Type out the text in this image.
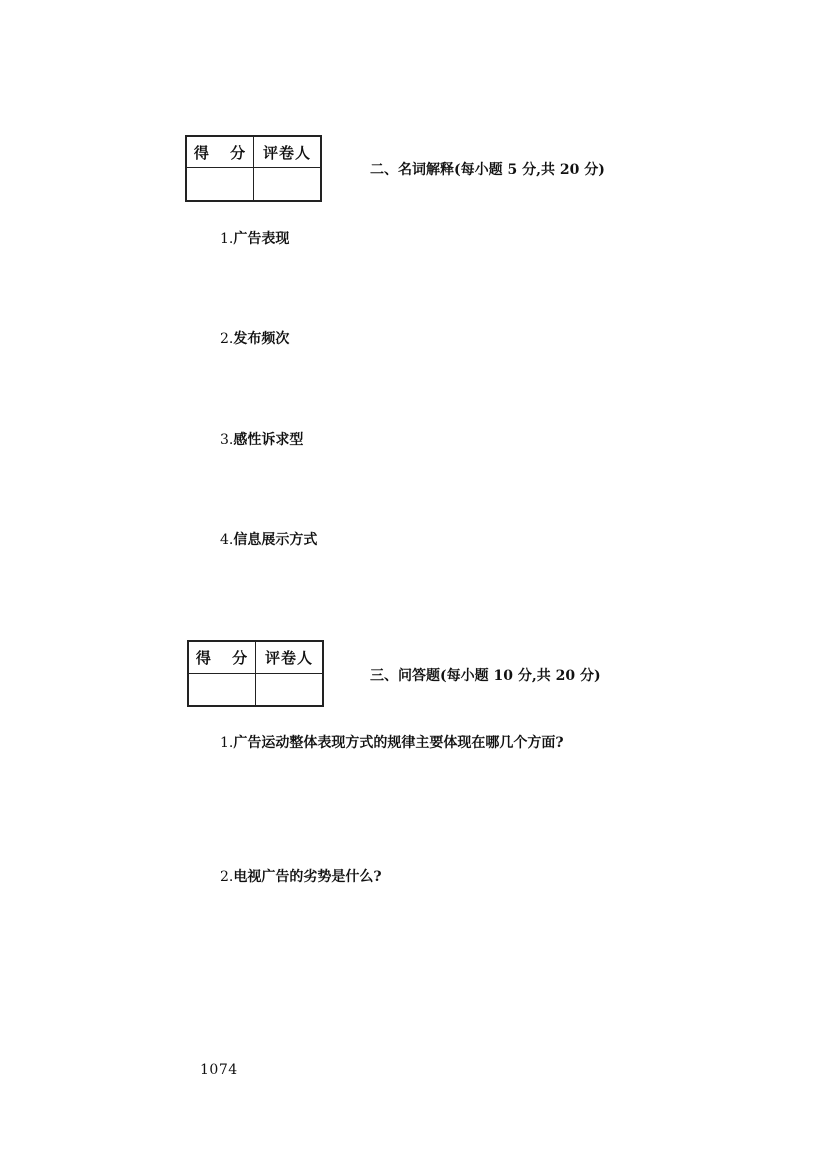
得 分	评卷人

二、名词解释(每小题 5 分,共 20 分)
1.广告表现
2.发布频次
3.感性诉求型
4.信息展示方式
得 分	评卷人

三、问答题(每小题 10 分,共 20 分)
1.广告运动整体表现方式的规律主要体现在哪几个方面?
2.电视广告的劣势是什么?
1074
